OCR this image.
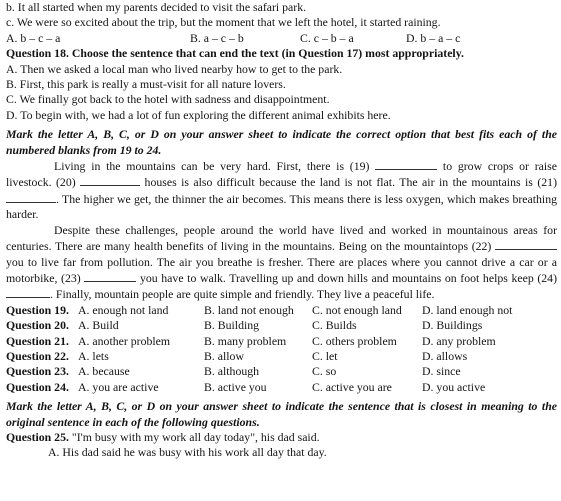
b. It all started when my parents decided to visit the safari park.
c. We were so excited about the trip, but the moment that we left the hotel, it started raining.
A. b – c – a	B. a – c – b	C. c – b – a	D. b – a – c
Question 18. Choose the sentence that can end the text (in Question 17) most appropriately.
A. Then we asked a local man who lived nearby how to get to the park.
B. First, this park is really a must-visit for all nature lovers.
C. We finally got back to the hotel with sadness and disappointment.
D. To begin with, we had a lot of fun exploring the different animal exhibits here.
Mark the letter A, B, C, or D on your answer sheet to indicate the correct option that best fits each of the numbered blanks from 19 to 24.
Living in the mountains can be very hard. First, there is (19)	to grow crops or raise livestock. (20)	houses is also difficult because the land is not flat. The air in the mountains is (21) . The higher we get, the thinner the air becomes. This means there is less oxygen, which makes breathing harder.
Despite these challenges, people around the world have lived and worked in mountainous areas for centuries. There are many health benefits of living in the mountains. Being on the mountaintops (22)  you to live far from pollution. The air you breathe is fresher. There are places where you cannot drive a car or a motorbike, (23)	you have to walk. Travelling up and down hills and mountains on foot helps keep (24) . Finally, mountain people are quite simple and friendly. They live a peaceful life.
Question 19. A. enough not land	B. land not enough	C. not enough land	D. land enough not
Question 20. A. Build	B. Building	C. Builds	D. Buildings
Question 21. A. another problem	B. many problem	C. others problem	D. any problem
Question 22. A. lets	B. allow	C. let	D. allows
Question 23. A. because	B. although	C. so	D. since
Question 24. A. you are active	B. active you	C. active you are	D. you active
Mark the letter A, B, C, or D on your answer sheet to indicate the sentence that is closest in meaning to the original sentence in each of the following questions.
Question 25. "I'm busy with my work all day today", his dad said.
A. His dad said he was busy with his work all day that day.
